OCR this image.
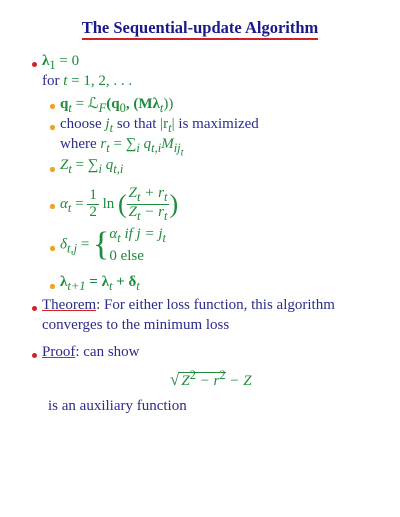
The Sequential-update Algorithm
$\lambda_1 = 0$
for t = 1, 2, . . .
$q_t$ = $ℒ_F(q_0$, $(M\lambda_t)$)
choose $j_t$ so that $|r_t|$ is maximized
where $r_t = \sum_i$ $q_{t,i}M_{ij_t}$
$Z_t = \sum_i$ $q_{t,i}$
$\alpha_t = \frac{1}{2}$ ln ( $\frac{Z_t + r_t}{Z_t - r_t}$ )
$\delta_{t,j}$ = { $\alpha_t$ if $j = j_t$
0 else
$\lambda_{t+1} = \lambda_t + \delta_t$
Theorem: For either loss function, this algorithm
converges to the minimum loss
Proof: can show
√ $Z^2 - r^2 - Z$
is an auxiliary function
